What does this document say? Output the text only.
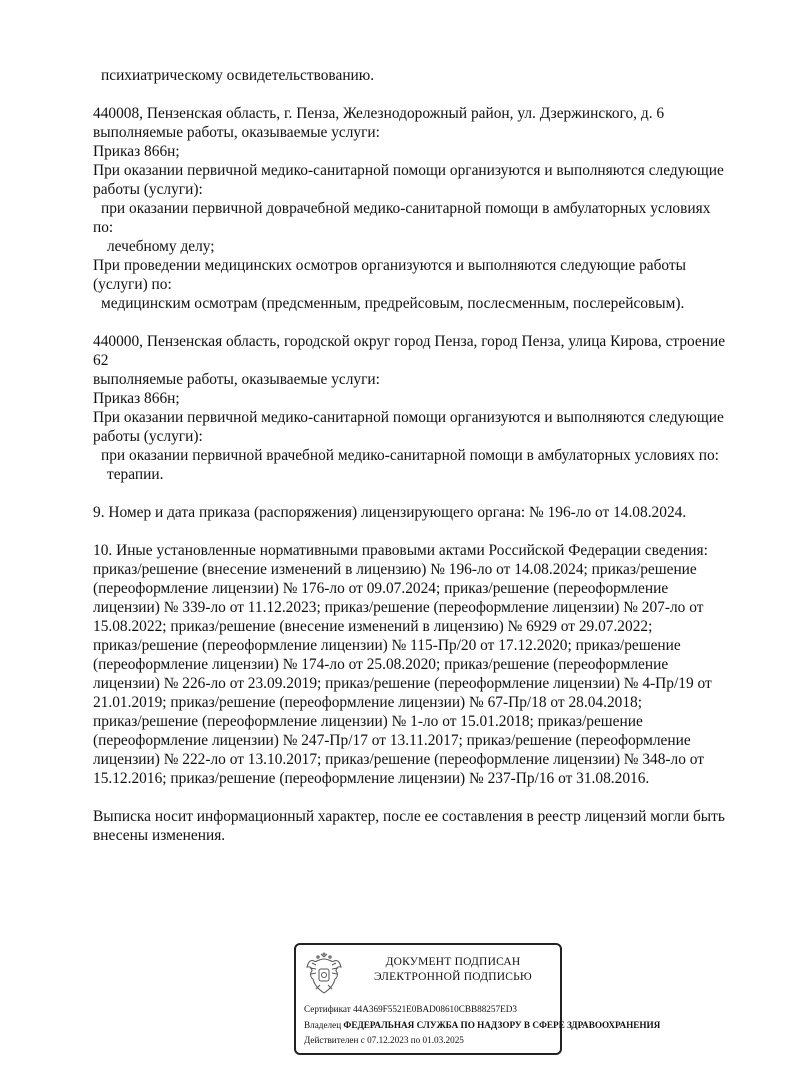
психиатрическому освидетельствованию.
440008, Пензенская область, г. Пенза, Железнодорожный район, ул. Дзержинского, д. 6
выполняемые работы, оказываемые услуги:
Приказ 866н;
При оказании первичной медико-санитарной помощи организуются и выполняются следующие
работы (услуги):
при оказании первичной доврачебной медико-санитарной помощи в амбулаторных условиях
по:
лечебному делу;
При проведении медицинских осмотров организуются и выполняются следующие работы
(услуги) по:
медицинским осмотрам (предсменным, предрейсовым, послесменным, послерейсовым).
440000, Пензенская область, городской округ город Пенза, город Пенза, улица Кирова, строение
62
выполняемые работы, оказываемые услуги:
Приказ 866н;
При оказании первичной медико-санитарной помощи организуются и выполняются следующие
работы (услуги):
при оказании первичной врачебной медико-санитарной помощи в амбулаторных условиях по:
терапии.
9. Номер и дата приказа (распоряжения) лицензирующего органа: № 196-ло от 14.08.2024.
10. Иные установленные нормативными правовыми актами Российской Федерации сведения:
приказ/решение (внесение изменений в лицензию) № 196-ло от 14.08.2024; приказ/решение
(переоформление лицензии) № 176-ло от 09.07.2024; приказ/решение (переоформление
лицензии) № 339-ло от 11.12.2023; приказ/решение (переоформление лицензии) № 207-ло от
15.08.2022; приказ/решение (внесение изменений в лицензию) № 6929 от 29.07.2022;
приказ/решение (переоформление лицензии) № 115-Пр/20 от 17.12.2020; приказ/решение
(переоформление лицензии) № 174-ло от 25.08.2020; приказ/решение (переоформление
лицензии) № 226-ло от 23.09.2019; приказ/решение (переоформление лицензии) № 4-Пр/19 от
21.01.2019; приказ/решение (переоформление лицензии) № 67-Пр/18 от 28.04.2018;
приказ/решение (переоформление лицензии) № 1-ло от 15.01.2018; приказ/решение
(переоформление лицензии) № 247-Пр/17 от 13.11.2017; приказ/решение (переоформление
лицензии) № 222-ло от 13.10.2017; приказ/решение (переоформление лицензии) № 348-ло от
15.12.2016; приказ/решение (переоформление лицензии) № 237-Пр/16 от 31.08.2016.
Выписка носит информационный характер, после ее составления в реестр лицензий могли быть
внесены изменения.
ДОКУМЕНТ ПОДПИСАН
ЭЛЕКТРОННОЙ ПОДПИСЬЮ
Сертификат 44A369F5521E0BAD08610CBB88257ED3
Владелец ФЕДЕРАЛЬНАЯ СЛУЖБА ПО НАДЗОРУ В СФЕРЕ ЗДРАВООХРАНЕНИЯ
Действителен с 07.12.2023 по 01.03.2025
